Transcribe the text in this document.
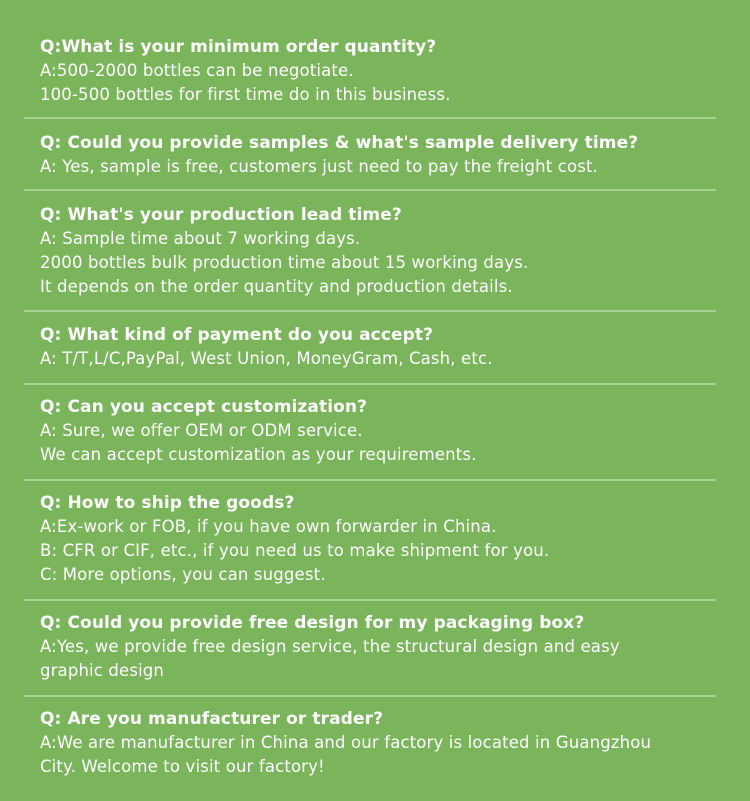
Q:What is your minimum order quantity?
A:500-2000 bottles can be negotiate.
100-500 bottles for first time do in this business.
Q: Could you provide samples & what's sample delivery time?
A: Yes, sample is free, customers just need to pay the freight cost.
Q: What's your production lead time?
A: Sample time about 7 working days.
2000 bottles bulk production time about 15 working days.
It depends on the order quantity and production details.
Q: What kind of payment do you accept?
A: T/T,L/C,PayPal, West Union, MoneyGram, Cash, etc.
Q: Can you accept customization?
A: Sure, we offer OEM or ODM service.
We can accept customization as your requirements.
Q: How to ship the goods?
A:Ex-work or FOB, if you have own forwarder in China.
B: CFR or CIF, etc., if you need us to make shipment for you.
C: More options, you can suggest.
Q: Could you provide free design for my packaging box?
A:Yes, we provide free design service, the structural design and easy
graphic design
Q: Are you manufacturer or trader?
A:We are manufacturer in China and our factory is located in Guangzhou
City. Welcome to visit our factory!
